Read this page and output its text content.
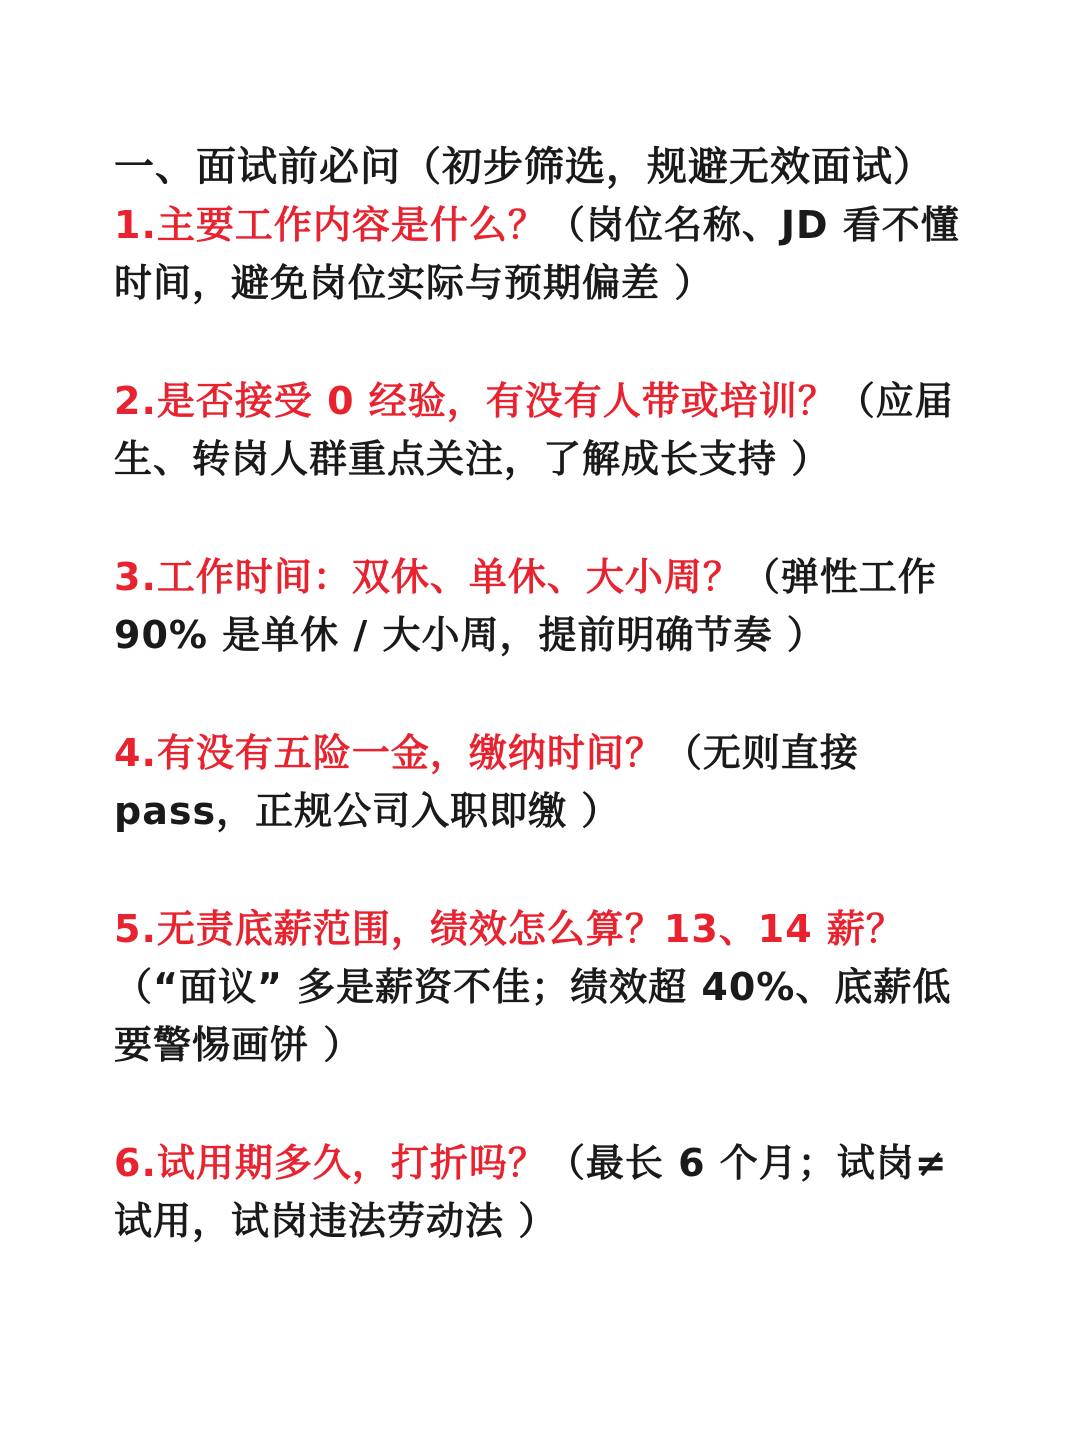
一、面试前必问（初步筛选，规避无效面试）

1.主要工作内容是什么？（岗位名称、JD 看不懂时间，避免岗位实际与预期偏差 ）

2.是否接受 0 经验，有没有人带或培训？（应届生、转岗人群重点关注，了解成长支持 ）

3.工作时间：双休、单休、大小周？（弹性工作 90% 是单休 / 大小周，提前明确节奏 ）

4.有没有五险一金，缴纳时间？（无则直接pass，正规公司入职即缴 ）

5.无责底薪范围，绩效怎么算？13、14 薪？（“面议” 多是薪资不佳；绩效超 40%、底薪低要警惕画饼 ）

6.试用期多久，打折吗？（最长 6 个月；试岗≠试用，试岗违法劳动法 ）
